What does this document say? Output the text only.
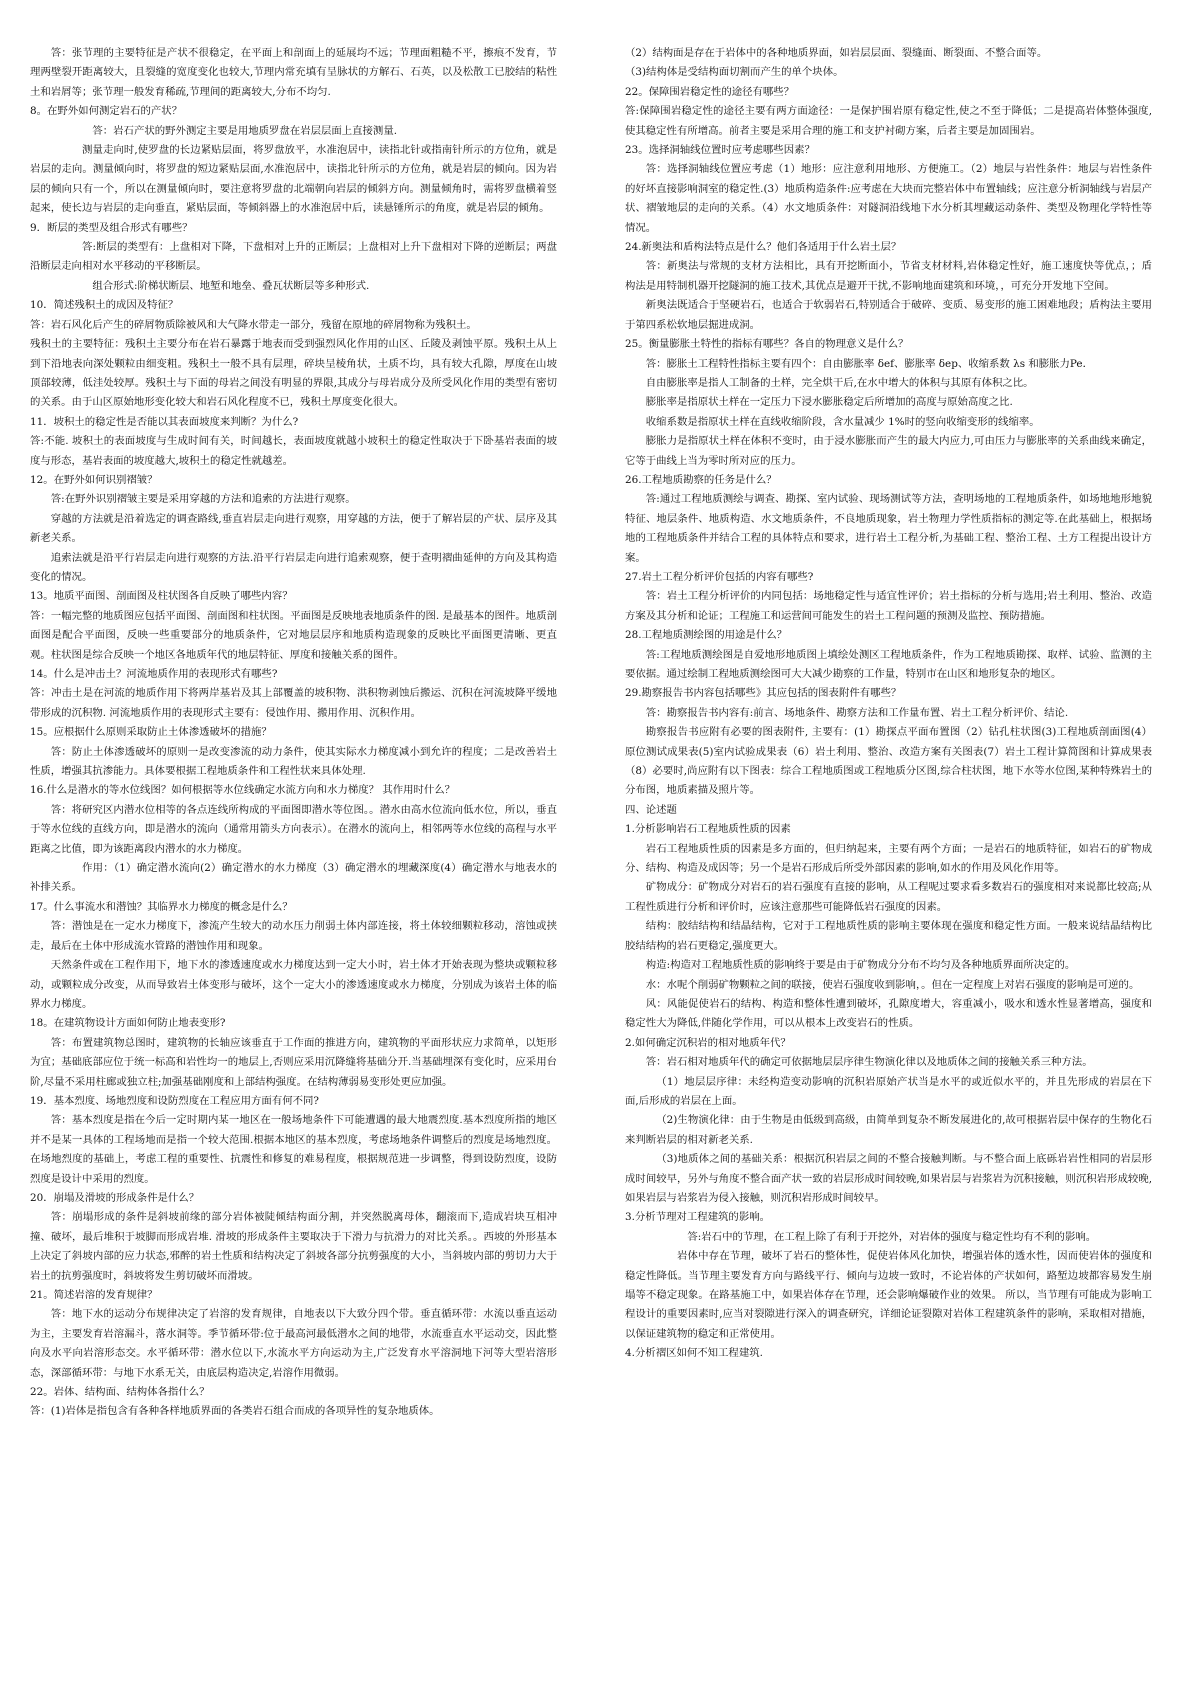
答：张节理的主要特征是产状不很稳定，在平面上和剖面上的延展均不远；节理面粗糙不平，擦痕不发育，节理两壁裂开距离较大，且裂缝的宽度变化也较大,节理内常充填有呈脉状的方解石、石英，以及松散工已胶结的粘性土和岩屑等；张节理一般发育稀疏,节理间的距离较大,分布不均匀.

8。在野外如何测定岩石的产状？

答：岩石产状的野外测定主要是用地质罗盘在岩层层面上直接测量.

测量走向时,使罗盘的长边紧贴层面，将罗盘放平，水准泡居中，读指北针或指南针所示的方位角，就是岩层的走向。测量倾向时，将罗盘的短边紧贴层面,水准泡居中，读指北针所示的方位角，就是岩层的倾向。因为岩层的倾向只有一个，所以在测量倾向时，要注意将罗盘的北端朝向岩层的倾斜方向。测量倾角时，需将罗盘横着竖起来，使长边与岩层的走向垂直，紧贴层面，等倾斜器上的水准泡居中后，读悬锤所示的角度，就是岩层的倾角。

9．断层的类型及组合形式有哪些？

答:断层的类型有：上盘相对下降，下盘相对上升的正断层；上盘相对上升下盘相对下降的逆断层；两盘沿断层走向相对水平移动的平移断层。

组合形式:阶梯状断层、地堑和地垒、叠瓦状断层等多种形式.

10．简述残积土的成因及特征？

答：岩石风化后产生的碎屑物质除被风和大气降水带走一部分，残留在原地的碎屑物称为残积土。

残积土的主要特征：残积土主要分布在岩石暴露于地表而受到强烈风化作用的山区、丘陵及剥蚀平原。残积土从上到下沿地表向深处颗粒由细变粗。残积土一般不具有层理，碎块呈棱角状，土质不均，具有较大孔隙，厚度在山坡顶部较薄，低洼处较厚。残积土与下面的母岩之间没有明显的界限,其成分与母岩成分及所受风化作用的类型有密切的关系。由于山区原始地形变化较大和岩石风化程度不已，残积土厚度变化很大。

11．坡积土的稳定性是否能以其表面坡度来判断？为什么?

答:不能. 坡积土的表面坡度与生成时间有关，时间越长，表面坡度就越小坡积土的稳定性取决于下卧基岩表面的坡度与形态，基岩表面的坡度越大,坡积土的稳定性就越差。

12。在野外如何识别褶皱？

答:在野外识别褶皱主要是采用穿越的方法和追索的方法进行观察。

穿越的方法就是沿着选定的调查路线,垂直岩层走向进行观察，用穿越的方法，便于了解岩层的产状、层序及其新老关系。

追索法就是沿平行岩层走向进行观察的方法.沿平行岩层走向进行追索观察，便于查明褶曲延伸的方向及其构造变化的情况。

13。地质平面图、剖面图及柱状图各自反映了哪些内容？

答：一幅完整的地质图应包括平面图、剖面图和柱状图。平面图是反映地表地质条件的图. 是最基本的图件。地质剖面图是配合平面图，反映一些重要部分的地质条件，它对地层层序和地质构造现象的反映比平面图更清晰、更直观。柱状图是综合反映一个地区各地质年代的地层特征、厚度和接触关系的图件。

14。什么是冲击土？河流地质作用的表现形式有哪些?

答：冲击土是在河流的地质作用下将两岸基岩及其上部覆盖的坡积物、洪积物剥蚀后搬运、沉积在河流坡降平缓地带形成的沉积物. 河流地质作用的表现形式主要有：侵蚀作用、搬用作用、沉积作用。

15。应根据什么原则采取防止土体渗透破坏的措施？

答：防止土体渗透破坏的原则一是改变渗流的动力条件，使其实际水力梯度减小到允许的程度；二是改善岩土性质，增强其抗渗能力。具体要根据工程地质条件和工程性状来具体处理.

16.什么是潜水的等水位线图？如何根据等水位线确定水流方向和水力梯度？ 其作用时什么？

答：将研究区内潜水位相等的各点连线所构成的平面图即潜水等位图。。潜水由高水位流向低水位，所以，垂直于等水位线的直线方向，即是潜水的流向（通常用箭头方向表示）。在潜水的流向上，相邻两等水位线的高程与水平距离之比值，即为该距离段内潜水的水力梯度。

作用：（1）确定潜水流向(2）确定潜水的水力梯度（3）确定潜水的埋藏深度(4）确定潜水与地表水的补排关系。

17。什么事流水和潜蚀？其临界水力梯度的概念是什么？

答：潜蚀是在一定水力梯度下，渗流产生较大的动水压力削弱土体内部连接，将土体较细颗粒移动，溶蚀或挟走，最后在土体中形成流水管路的潜蚀作用和现象。

天然条件或在工程作用下，地下水的渗透速度或水力梯度达到一定大小时，岩土体才开始表现为整块或颗粒移动，或颗粒成分改变，从而导致岩土体变形与破坏，这个一定大小的渗透速度或水力梯度，分别成为该岩土体的临界水力梯度。

18。在建筑物设计方面如何防止地表变形?

答：布置建筑物总图时，建筑物的长轴应该垂直于工作面的推进方向，建筑物的平面形状应力求简单，以矩形为宜；基础底部应位于统一标高和岩性均一的地层上,否则应采用沉降缝将基础分开.当基础埋深有变化时，应采用台阶,尽量不采用柱廊或独立柱;加强基础刚度和上部结构强度。在结构薄弱易变形处更应加强。

19．基本烈度、场地烈度和设防烈度在工程应用方面有何不同?

答：基本烈度是指在今后一定时期内某一地区在一般场地条件下可能遭遇的最大地震烈度.基本烈度所指的地区并不是某一具体的工程场地而是指一个较大范围.根据本地区的基本烈度，考虑场地条件调整后的烈度是场地烈度。在场地烈度的基础上，考虑工程的重要性、抗震性和修复的难易程度，根据规范进一步调整，得到设防烈度，设防烈度是设计中采用的烈度。

20．崩塌及滑坡的形成条件是什么？

答：崩塌形成的条件是斜坡前缘的部分岩体被陡倾结构面分割，并突然脱离母体，翻滚而下,造成岩块互相冲撞、破坏，最后堆积于坡脚而形成岩堆. 滑坡的形成条件主要取决于下滑力与抗滑力的对比关系。。西坡的外形基本上决定了斜坡内部的应力状态,邪醉的岩土性质和结构决定了斜坡各部分抗剪强度的大小，当斜坡内部的剪切力大于岩土的抗剪强度时，斜坡将发生剪切破坏而滑坡。

21。简述岩溶的发育规律？

答：地下水的运动分布规律决定了岩溶的发育规律，自地表以下大致分四个带。垂直循环带：水流以垂直运动为主，主要发育岩溶漏斗，落水洞等。季节循环带:位于最高河最低潜水之间的地带，水流垂直水平运动交，因此整向及水平向岩溶形态交。水平循环带：潜水位以下,水流水平方向运动为主,广泛发育水平溶洞地下河等大型岩溶形态，深部循环带：与地下水系无关，由底层构造决定,岩溶作用微弱。

22。岩体、结构面、结构体各指什么？

答：(1)岩体是指包含有各种各样地质界面的各类岩石组合而成的各项异性的复杂地质体。

（2）结构面是存在于岩体中的各种地质界面，如岩层层面、裂缝面、断裂面、不整合面等。

（3)结构体是受结构面切割而产生的单个块体。

22。保障围岩稳定性的途径有哪些？

答:保障围岩稳定性的途径主要有两方面途径：一是保护围岩原有稳定性,使之不至于降低；二是提高岩体整体强度,使其稳定性有所增高。前者主要是采用合理的施工和支护衬砌方案，后者主要是加固围岩。

23。选择洞轴线位置时应考虑哪些因素？

答：选择洞轴线位置应考虑（1）地形：应注意利用地形、方便施工。（2）地层与岩性条件：地层与岩性条件的好坏直接影响洞室的稳定性.(3）地质构造条件:应考虑在大块而完整岩体中布置轴线；应注意分析洞轴线与岩层产状、褶皱地层的走向的关系。（4）水文地质条件：对隧洞沿线地下水分析其埋藏运动条件、类型及物理化学特性等情况。

24.新奥法和盾构法特点是什么？他们各适用于什么岩土层？

答：新奥法与常规的支材方法相比，具有开挖断面小，节省支材材料,岩体稳定性好，施工速度快等优点，；盾构法是用特制机器开挖隧洞的施工技术,其优点是避开干扰,不影响地面建筑和环境，，可充分开发地下空间。

新奥法既适合于坚硬岩石，也适合于软弱岩石,特别适合于破碎、变质、易变形的施工困难地段；盾构法主要用于第四系松软地层掘进成洞。

25。衡量膨胀土特性的指标有哪些？各自的物理意义是什么？

答：膨胀土工程特性指标主要有四个：自由膨胀率 δef、膨胀率 δep、收缩系数 λs 和膨胀力Pe．

自由膨胀率是指人工制备的土样，完全烘干后,在水中增大的体积与其原有体积之比。

膨胀率是指原状土样在一定压力下浸水膨胀稳定后所增加的高度与原始高度之比.

收缩系数是指原状土样在直线收缩阶段，含水量减少 1%时的竖向收缩变形的线缩率。

膨胀力是指原状土样在体积不变时，由于浸水膨胀而产生的最大内应力,可由压力与膨胀率的关系曲线来确定，它等于曲线上当为零时所对应的压力。

26.工程地质勘察的任务是什么？

答:通过工程地质测绘与调查、勘探、室内试验、现场测试等方法，查明场地的工程地质条件，如场地地形地貌特征、地层条件、地质构造、水文地质条件，不良地质现象，岩土物理力学性质指标的测定等.在此基础上，根据场地的工程地质条件并结合工程的具体特点和要求，进行岩土工程分析,为基础工程、整治工程、土方工程提出设计方案。

27.岩土工程分析评价包括的内容有哪些?

答：岩土工程分析评价的内同包括：场地稳定性与适宜性评价；岩土指标的分析与选用;岩土利用、整治、改造方案及其分析和论证；工程施工和运营间可能发生的岩土工程问题的预测及监控、预防措施。

28.工程地质测绘图的用途是什么？

答:工程地质测绘图是自爱地形地质图上填绘处测区工程地质条件，作为工程地质勘探、取样、试验、监测的主要依据。通过绘制工程地质测绘图可大大减少勘察的工作量，特别市在山区和地形复杂的地区。

29.勘察报告书内容包括哪些》其应包括的图表附件有哪些？

答：勘察报告书内容有:前言、场地条件、勘察方法和工作量布置、岩土工程分析评价、结论.

勘察报告书应附有必要的图表附件, 主要有：(1）勘探点平面布置图（2）钻孔柱状图(3)工程地质剖面图(4）原位测试成果表(5)室内试验成果表（6）岩土利用、整治、改造方案有关图表(7）岩土工程计算简图和计算成果表（8）必要时,尚应附有以下图表：综合工程地质图或工程地质分区图,综合柱状图，地下水等水位图,某种特殊岩土的分布图，地质素描及照片等。

四、论述题

1.分析影响岩石工程地质性质的因素

岩石工程地质性质的因素是多方面的，但归纳起来，主要有两个方面；一是岩石的地质特征，如岩石的矿物成分、结构、构造及成因等；另一个是岩石形成后所受外部因素的影响,如水的作用及风化作用等。

矿物成分：矿物成分对岩石的岩石强度有直接的影响，从工程呢过要求看多数岩石的强度相对来说都比较高;从工程性质进行分析和评价时，应该注意那些可能降低岩石强度的因素。

结构：胶结结构和结晶结构，它对于工程地质性质的影响主要体现在强度和稳定性方面。一般来说结晶结构比胶结结构的岩石更稳定,强度更大。

构造:构造对工程地质性质的影响终于要是由于矿物成分分布不均匀及各种地质界面所决定的。

水：水呢个削弱矿物颗粒之间的联接，使岩石强度收到影响，。但在一定程度上对岩石强度的影响是可逆的。

风：风能促使岩石的结构、构造和整体性遭到破坏，孔隙度增大，容重减小，吸水和透水性显著增高，强度和稳定性大为降低,伴随化学作用，可以从根本上改变岩石的性质。

2.如何确定沉积岩的相对地质年代？

答：岩石相对地质年代的确定可依据地层层序律生物演化律以及地质体之间的接触关系三种方法。

（1）地层层序律：未经构造变动影响的沉积岩原始产状当是水平的或近似水平的，并且先形成的岩层在下面,后形成的岩层在上面。

（2)生物演化律：由于生物是由低级到高级，由简单到复杂不断发展进化的,故可根据岩层中保存的生物化石来判断岩层的相对新老关系.

（3)地质体之间的基础关系：根据沉积岩层之间的不整合接触判断。与不整合面上底砾岩岩性相同的岩层形成时间较早，另外与角度不整合面产状一致的岩层形成时间较晚,如果岩层与岩浆岩为沉积接触，则沉积岩形成较晚,如果岩层与岩浆岩为侵入接触，则沉积岩形成时间较早。

3.分析节理对工程建筑的影响。

答:岩石中的节理，在工程上除了有利于开挖外，对岩体的强度与稳定性均有不利的影响。

岩体中存在节理，破坏了岩石的整体性，促使岩体风化加快，增强岩体的透水性，因而使岩体的强度和稳定性降低。当节理主要发育方向与路线平行、倾向与边坡一致时，不论岩体的产状如何，路堑边坡都容易发生崩塌等不稳定现象。在路基施工中，如果岩体存在节理，还会影响爆破作业的效果。 所以，当节理有可能成为影响工程设计的重要因素时,应当对裂隙进行深入的调查研究，详细论证裂隙对岩体工程建筑条件的影响，采取相对措施，以保证建筑物的稳定和正常使用。

4.分析褶区如何不知工程建筑.
